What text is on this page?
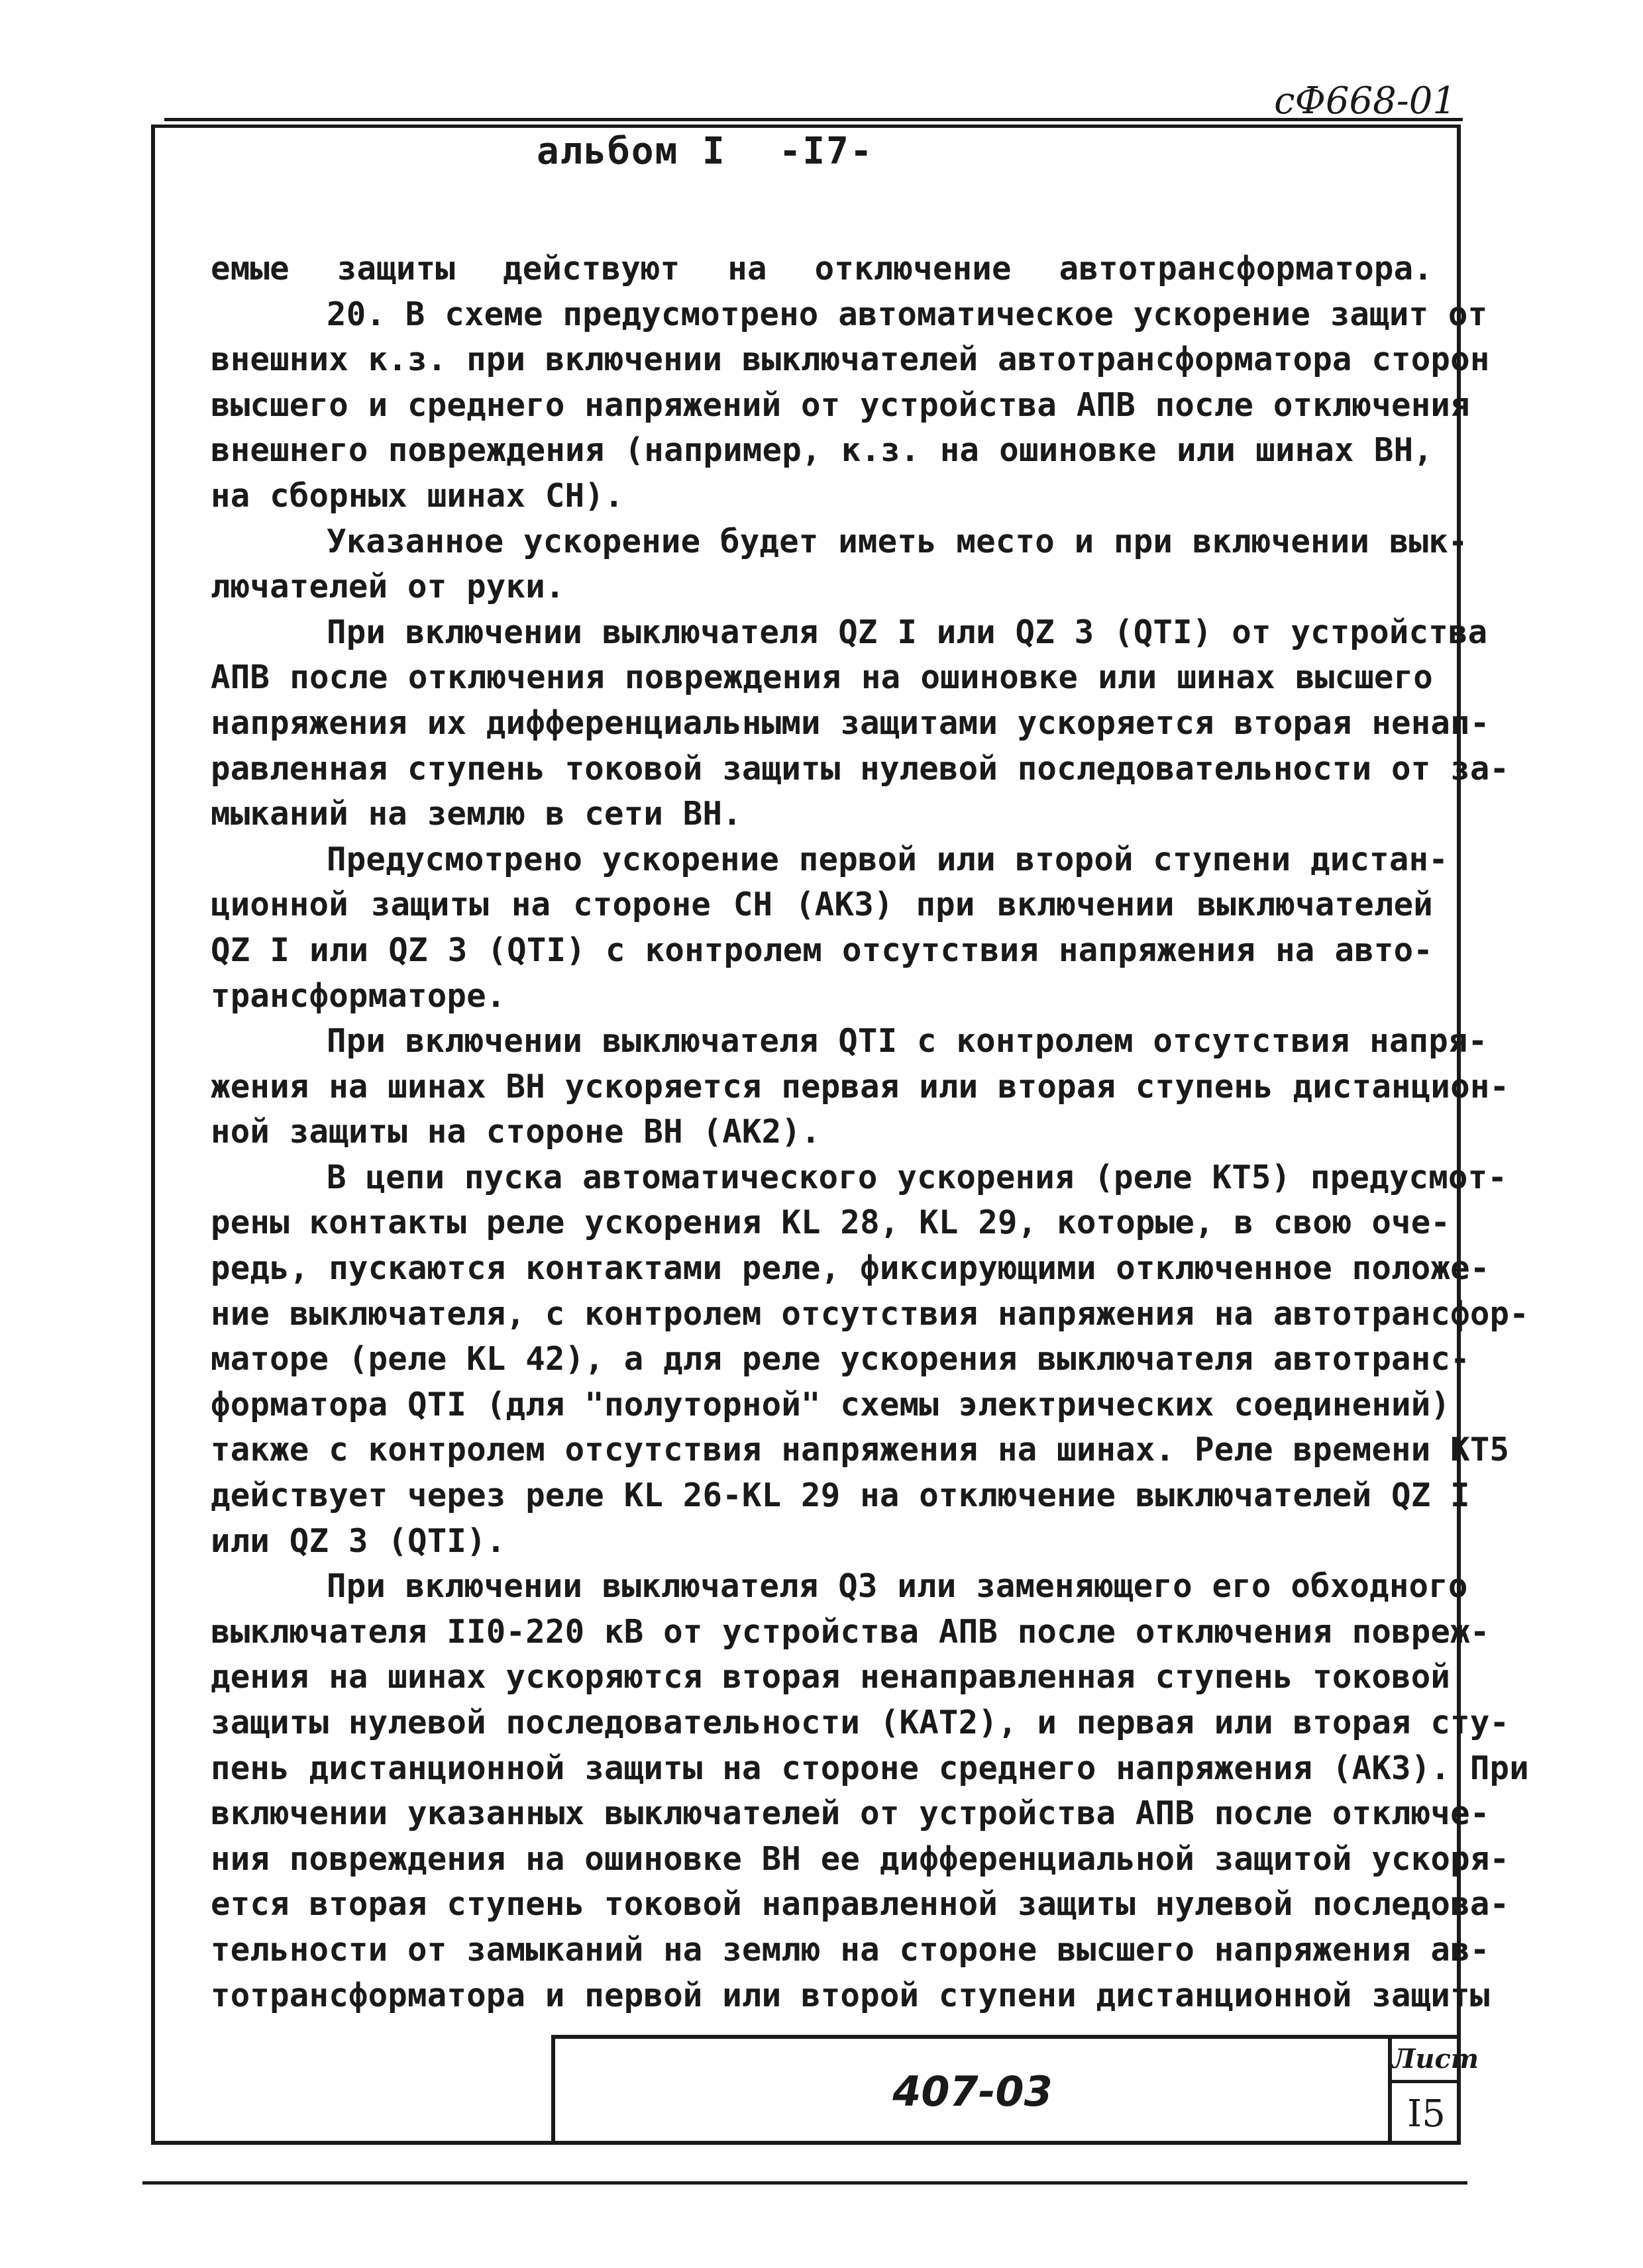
сФ668-01
альбом I -I7-
емые защиты действуют на отключение автотрансформатора.
20. В схеме предусмотрено автоматическое ускорение защит от
внешних к.з. при включении выключателей автотрансформатора сторон
высшего и среднего напряжений от устройства АПВ после отключения
внешнего повреждения (например, к.з. на ошиновке или шинах ВН,
на сборных шинах СН).
Указанное ускорение будет иметь место и при включении вык-
лючателей от руки.
При включении выключателя QZ I или QZ 3 (QTI) от устройства
АПВ после отключения повреждения на ошиновке или шинах высшего
напряжения их дифференциальными защитами ускоряется вторая ненап-
равленная ступень токовой защиты нулевой последовательности от за-
мыканий на землю в сети ВН.
Предусмотрено ускорение первой или второй ступени дистан-
ционной защиты на стороне СН (АКЗ) при включении выключателей
QZ I или QZ 3 (QTI) с контролем отсутствия напряжения на авто-
трансформаторе.
При включении выключателя QTI с контролем отсутствия напря-
жения на шинах ВН ускоряется первая или вторая ступень дистанцион-
ной защиты на стороне ВН (АК2).
В цепи пуска автоматического ускорения (реле КТ5) предусмот-
рены контакты реле ускорения KL 28, KL 29, которые, в свою оче-
редь, пускаются контактами реле, фиксирующими отключенное положе-
ние выключателя, с контролем отсутствия напряжения на автотрансфор-
маторе (реле KL 42), а для реле ускорения выключателя автотранс-
форматора QTI (для "полуторной" схемы электрических соединений)
также с контролем отсутствия напряжения на шинах. Реле времени КТ5
действует через реле KL 26-KL 29 на отключение выключателей QZ I
или QZ 3 (QTI).
При включении выключателя Q3 или заменяющего его обходного
выключателя II0-220 кВ от устройства АПВ после отключения повреж-
дения на шинах ускоряются вторая ненаправленная ступень токовой
защиты нулевой последовательности (КАТ2), и первая или вторая сту-
пень дистанционной защиты на стороне среднего напряжения (АКЗ). При
включении указанных выключателей от устройства АПВ после отключе-
ния повреждения на ошиновке ВН ее дифференциальной защитой ускоря-
ется вторая ступень токовой направленной защиты нулевой последова-
тельности от замыканий на землю на стороне высшего напряжения ав-
тотрансформатора и первой или второй ступени дистанционной защиты
407-03
Лист
I5
